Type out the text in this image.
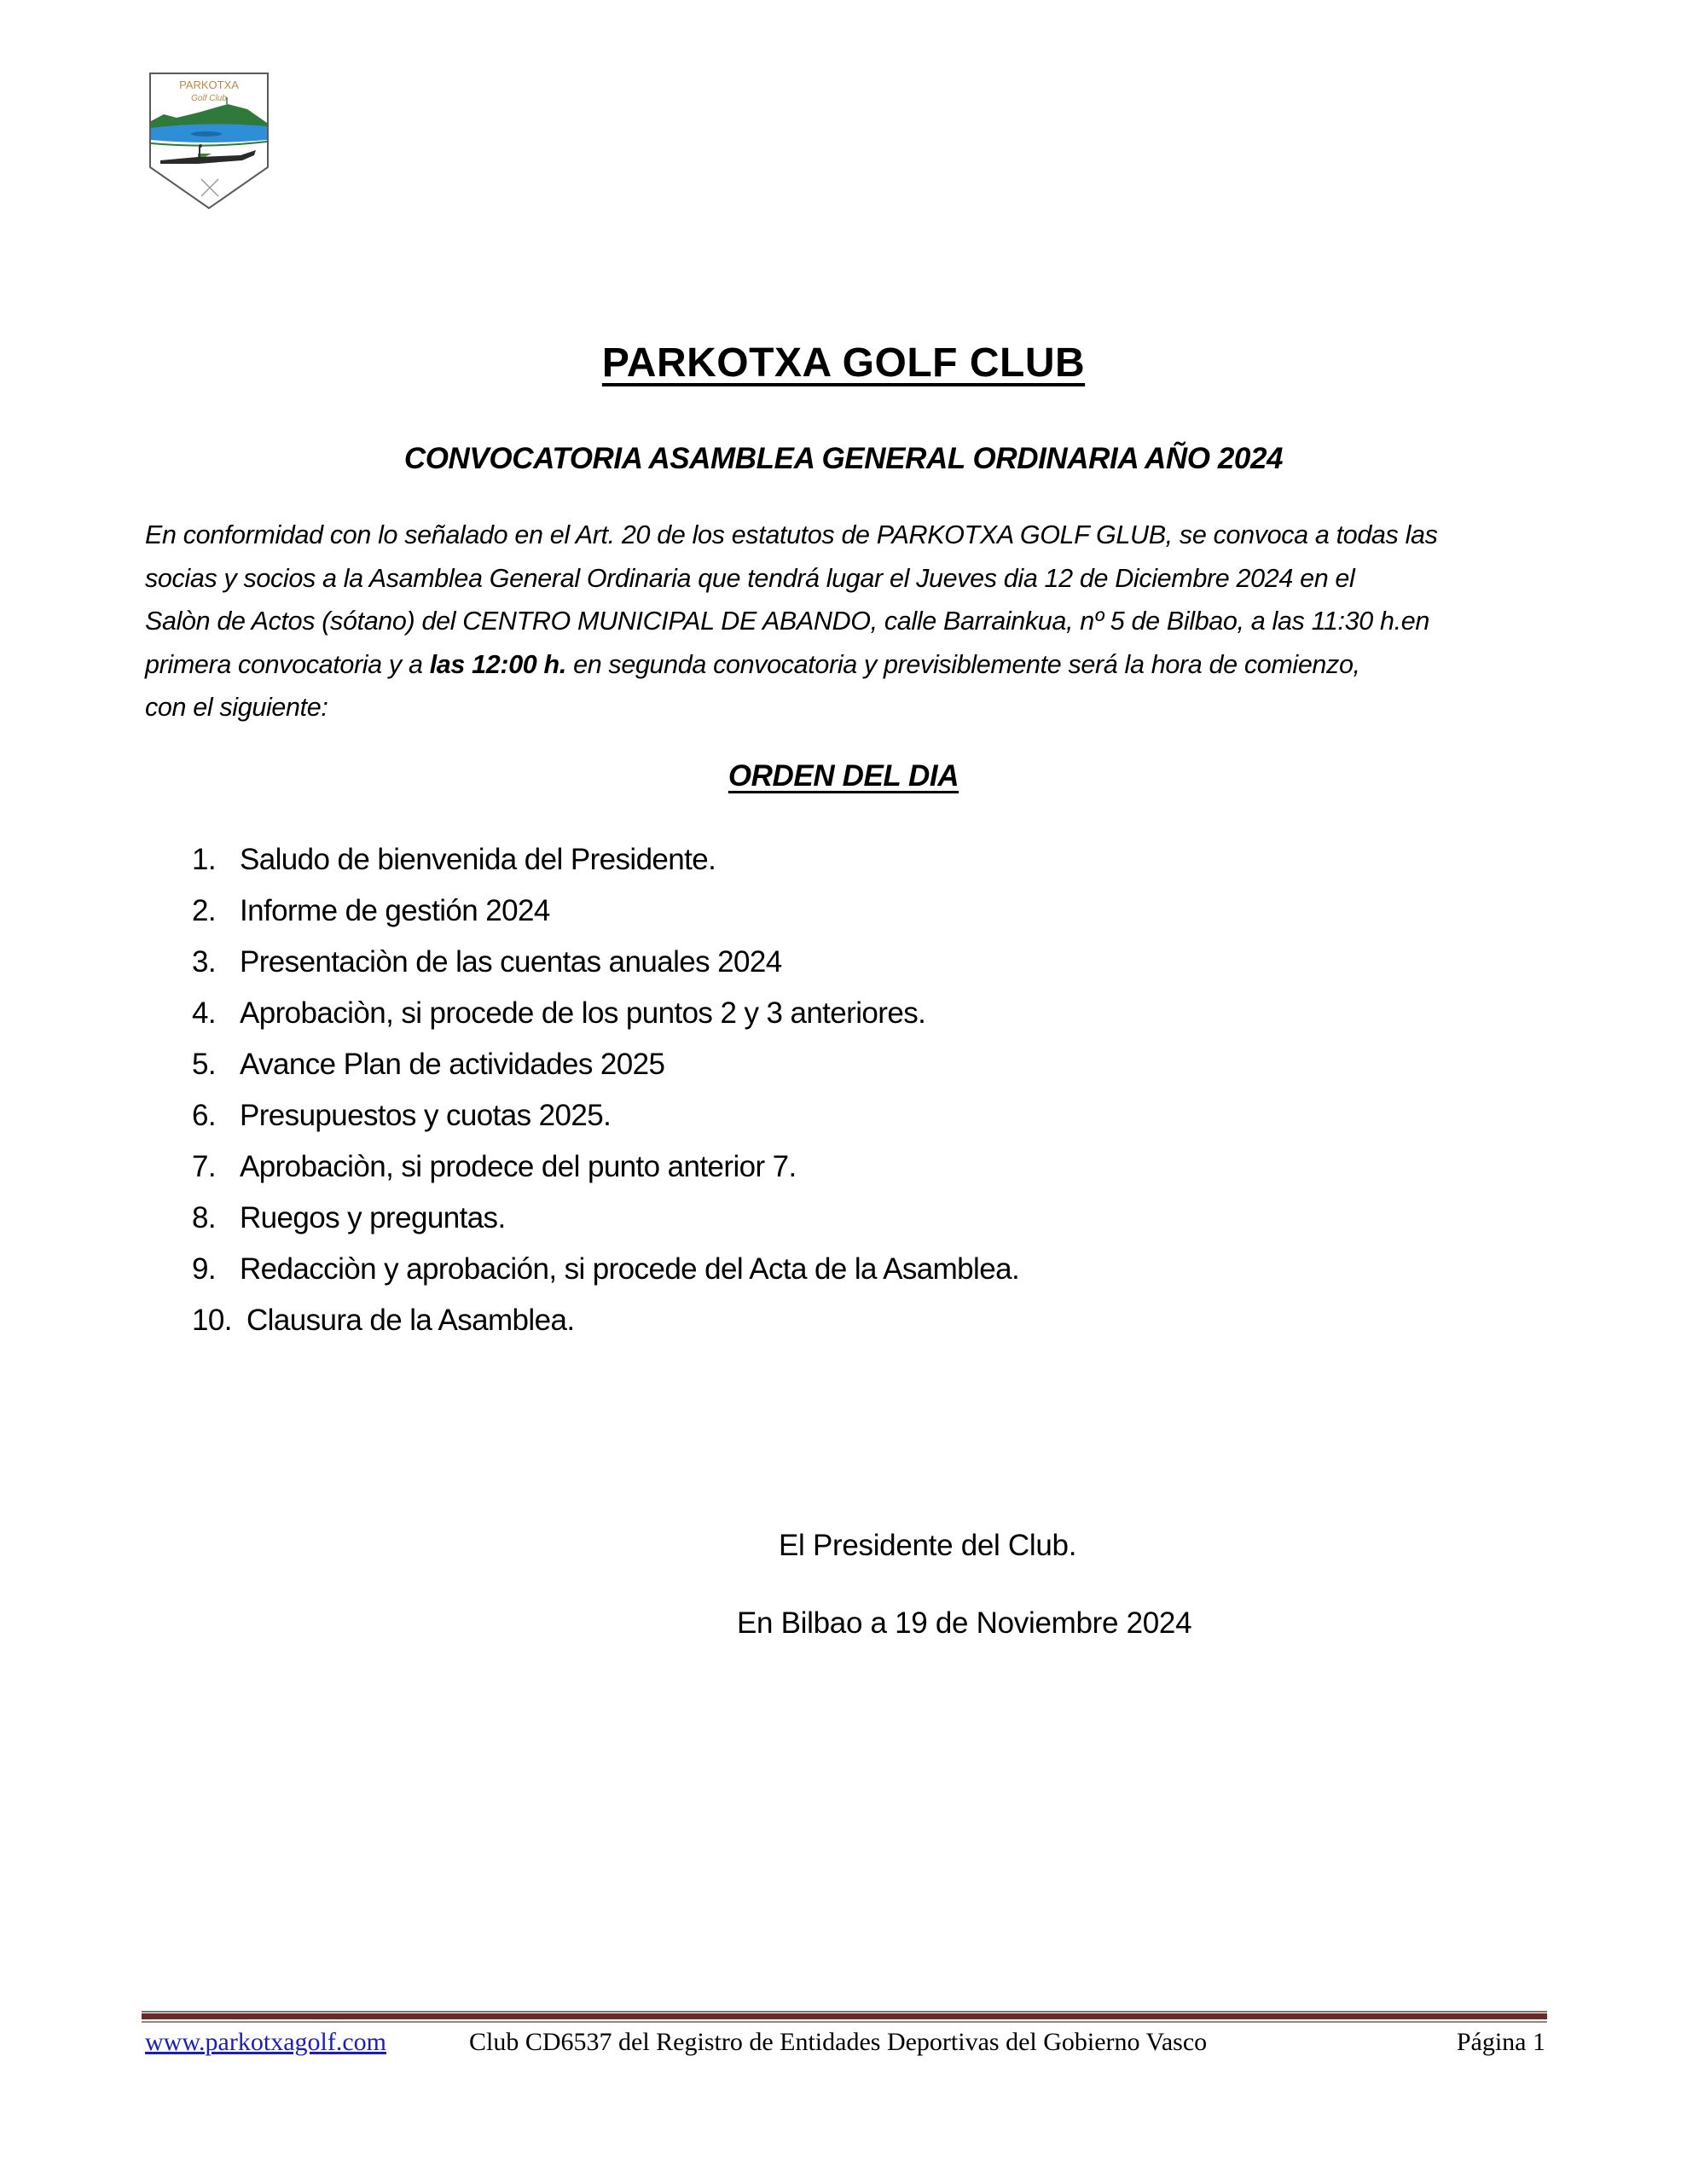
PARKOTXA
Golf Club
PARKOTXA GOLF CLUB
CONVOCATORIA ASAMBLEA GENERAL ORDINARIA AÑO 2024
En conformidad con lo señalado en el Art. 20 de los estatutos de PARKOTXA GOLF GLUB, se convoca a todas las
socias y socios a la Asamblea General Ordinaria que tendrá lugar el Jueves dia 12 de Diciembre 2024 en el
Salòn de Actos (sótano) del CENTRO MUNICIPAL DE ABANDO, calle Barrainkua, nº 5 de Bilbao, a las 11:30 h.en
primera convocatoria y a las 12:00 h. en segunda convocatoria y previsiblemente será la hora de comienzo,
con el siguiente:
ORDEN DEL DIA
1. Saludo de bienvenida del Presidente.
2. Informe de gestión 2024
3. Presentaciòn de las cuentas anuales 2024
4. Aprobaciòn, si procede de los puntos 2 y 3 anteriores.
5. Avance Plan de actividades 2025
6. Presupuestos y cuotas 2025.
7. Aprobaciòn, si prodece del punto anterior 7.
8. Ruegos y preguntas.
9. Redacciòn y aprobación, si procede del Acta de la Asamblea.
10. Clausura de la Asamblea.
El Presidente del Club.
En Bilbao a 19 de Noviembre 2024
www.parkotxagolf.com	Club CD6537 del Registro de Entidades Deportivas del Gobierno Vasco	Página 1
